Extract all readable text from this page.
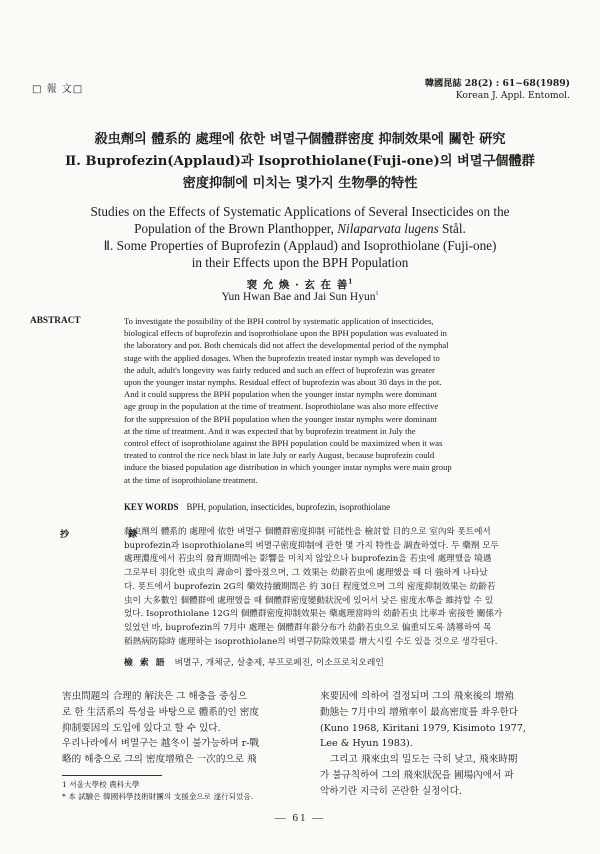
□ 報 文□
韓國昆誌 28(2) : 61~68(1989)
Korean J. Appl. Entomol.
殺虫劑의 體系的 處理에 依한 벼멸구個體群密度 抑制效果에 關한 硏究
Ⅱ. Buprofezin(Applaud)과 Isoprothiolane(Fuji-one)의 벼멸구個體群
密度抑制에 미치는 몇가지 生物學的特性
Studies on the Effects of Systematic Applications of Several Insecticides on the
Population of the Brown Planthopper, Nilaparvata lugens Stål.
Ⅱ. Some Properties of Buprofezin (Applaud) and Isoprothiolane (Fuji-one)
in their Effects upon the BPH Population
裵 允 煥 · 玄 在 善$^1$
Yun Hwan Bae and Jai Sun Hyun$^1$
ABSTRACT	To investigate the possibility of the BPH control by systematic application of insecticides,
biological effects of buprofezin and isoprothiolane upon the BPH population was evaluated in
the laboratory and pot. Both chemicals did not affect the developmental period of the nymphal
stage with the applied dosages. When the buprofezin treated instar nymph was developed to
the adult, adult's longevity was fairly reduced and such an effect of buprofezin was greater
upon the younger instar nymphs. Residual effect of buprofezin was about 30 days in the pot.
And it could suppress the BPH population when the younger instar nymphs were dominant
age group in the population at the time of treatment. Isoprothiolane was also more effective
for the suppression of the BPH population when the younger instar nymphs were dominant
at the time of treatment. And it was expected that by buprofezin treatment in July the
control effect of isoprothiolane against the BPH population could be maximized when it was
treated to control the rice neck blast in late July or early August, because buprofezin could
induce the biased population age distribution in which younger instar nymphs were main group
at the time of isoprothiolane treatment.
KEY WORDS BPH, population, insecticides, buprofezin, isoprothiolane
抄 錄
殺虫劑의 體系的 處理에 依한 벼멸구 個體群密度抑制 可能性을 檢討할 目的으로 室內와 폿트에서
buprofezin과 isoprothiolane의 벼멸구密度抑制에 관한 몇 가지 特性을 調査하였다. 두 藥劑 모두
處理濃度에서 若虫의 發育期間에는 影響을 미치지 않았으나 buprofezin을 若虫에 處理했을 境遇
그로부터 羽化한 成虫의 壽命이 짧아졌으며, 그 效果는 幼齡若虫에 處理했을 때 더 強하게 나타났
다. 폿트에서 buprofezin 2G의 藥效持續期間은 約 30日 程度였으며 그의 密度抑制效果는 幼齡若
虫이 大多數인 個體群에 處理했을 때 個體群密度變動狀況에 있어서 낮은 密度水準을 維持할 수 있
었다. Isoprothiolane 12G의 個體群密度抑制效果는 藥處理當時의 幼齡若虫 比率과 密接한 關係가
있었던 바, buprofezin의 7月中 處理는 個體群年齡分布가 幼齡若虫으로 偏重되도록 誘導하여 목
稻熱病防除時 處理하는 isoprothiolane의 벼멸구防除效果를 增大시킬 수도 있을 것으로 생각된다.
檢 索 語 벼멸구, 개체군, 살충제, 부프로페진, 이소프로치오레인
害虫問題의 合理的 解決은 그 해충을 중심으
로 한 生活系의 특성을 바탕으로 體系的인 密度
抑制要因의 도입에 있다고 할 수 있다.
우리나라에서 벼멸구는 越冬이 불가능하며 r-戰
略的 해충으로 그의 密度增殖은 一次的으로 飛
來要因에 의하여 결정되며 그의 飛來後의 增殖
動態는 7月中의 增殖率이 最高密度를 좌우한다
(Kuno 1968, Kiritani 1979, Kisimoto 1977,
Lee & Hyun 1983).
그리고 飛來虫의 밀도는 극히 낮고, 飛來時期
가 불규칙하여 그의 飛來狀況을 圃場內에서 파
악하기란 지극히 곤란한 실정이다.
1 서울大學校 農科大學
* 本 試驗은 韓國科學技術財團의 支援金으로 遂行되었음.
— 61 —
